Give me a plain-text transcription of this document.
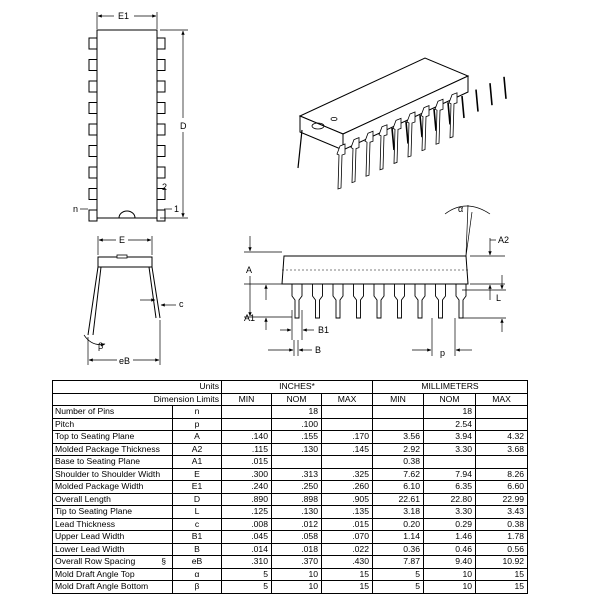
E1
D
n
2
1
E
c
β
eB
A
A1
B1
B	p
α
A2
L
Units		INCHES*			MILLIMETERS		
Dimension Limits		MIN	NOM	MAX	MIN	NOM	MAX
Number of Pins	n		18			18	
Pitch	p		.100			2.54	
Top to Seating Plane	A	.140	.155	.170	3.56	3.94	4.32
Molded Package Thickness	A2	.115	.130	.145	2.92	3.30	3.68
Base to Seating Plane	A1	.015			0.38		
Shoulder to Shoulder Width	E	.300	.313	.325	7.62	7.94	8.26
Molded Package Width	E1	.240	.250	.260	6.10	6.35	6.60
Overall Length	D	.890	.898	.905	22.61	22.80	22.99
Tip to Seating Plane	L	.125	.130	.135	3.18	3.30	3.43
Lead Thickness	c	.008	.012	.015	0.20	0.29	0.38
Upper Lead Width	B1	.045	.058	.070	1.14	1.46	1.78
Lower Lead Width	B	.014	.018	.022	0.36	0.46	0.56
Overall Row Spacing §	eB	.310	.370	.430	7.87	9.40	10.92
Mold Draft Angle Top	α	5	10	15	5	10	15
Mold Draft Angle Bottom	β	5	10	15	5	10	15
